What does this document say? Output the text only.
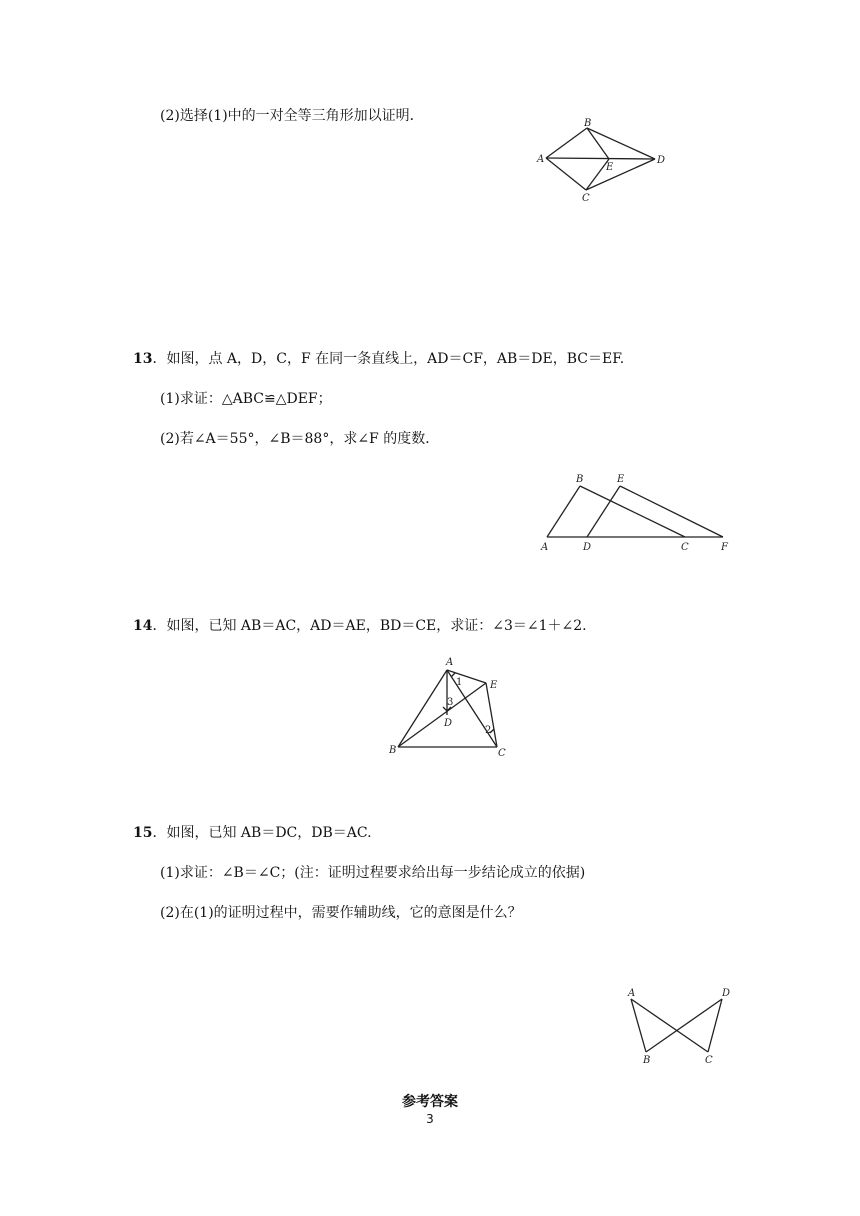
(2)选择(1)中的一对全等三角形加以证明．
A
B
C
D
E
13．如图，点 A，D，C，F 在同一条直线上，AD＝CF，AB＝DE，BC＝EF.
(1)求证：△ABC≌△DEF；
(2)若∠A＝55°，∠B＝88°，求∠F 的度数．
A
B
C
D
E
F
14．如图，已知 AB＝AC，AD＝AE，BD＝CE，求证：∠3＝∠1＋∠2.
A
B	C
D
E
1
2
3
15．如图，已知 AB＝DC，DB＝AC.
(1)求证：∠B＝∠C；(注：证明过程要求给出每一步结论成立的依据)
(2)在(1)的证明过程中，需要作辅助线，它的意图是什么？
A
B	C
D
参考答案
3
